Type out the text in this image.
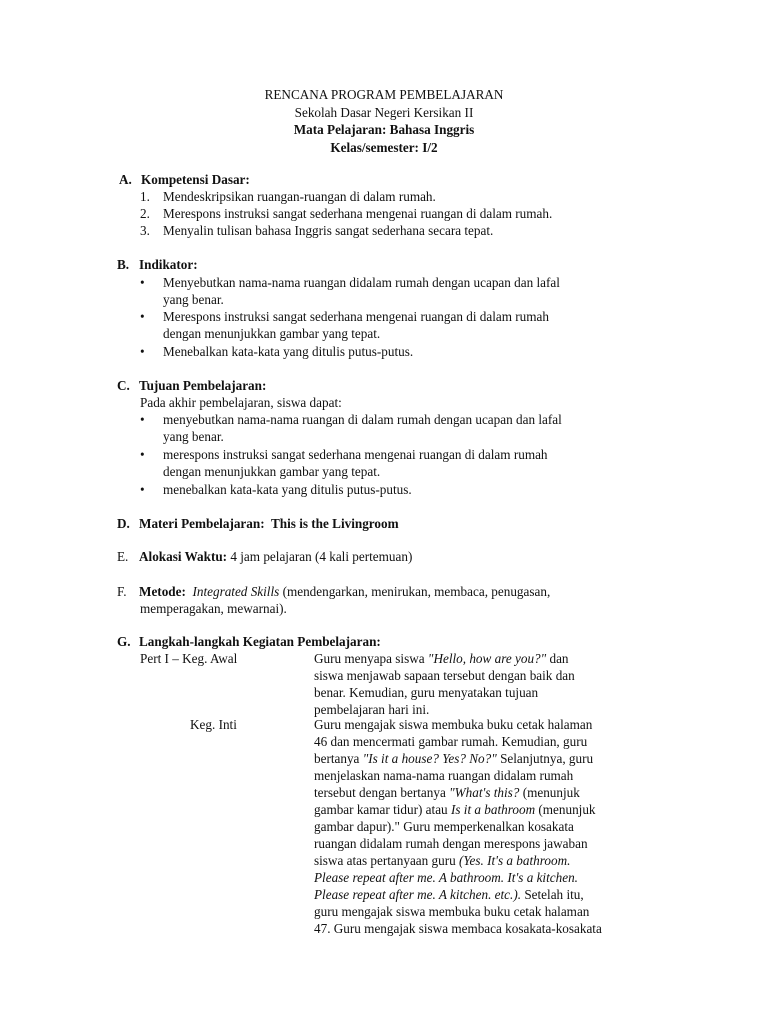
RENCANA PROGRAM PEMBELAJARAN
Sekolah Dasar Negeri Kersikan II
Mata Pelajaran: Bahasa Inggris
Kelas/semester: I/2
A. Kompetensi Dasar:
1. Mendeskripsikan ruangan-ruangan di dalam rumah.
2. Merespons instruksi sangat sederhana mengenai ruangan di dalam rumah.
3. Menyalin tulisan bahasa Inggris sangat sederhana secara tepat.
B. Indikator:
• Menyebutkan nama-nama ruangan didalam rumah dengan ucapan dan lafal
yang benar.
• Merespons instruksi sangat sederhana mengenai ruangan di dalam rumah
dengan menunjukkan gambar yang tepat.
• Menebalkan kata-kata yang ditulis putus-putus.
C. Tujuan Pembelajaran:
Pada akhir pembelajaran, siswa dapat:
• menyebutkan nama-nama ruangan di dalam rumah dengan ucapan dan lafal
yang benar.
• merespons instruksi sangat sederhana mengenai ruangan di dalam rumah
dengan menunjukkan gambar yang tepat.
• menebalkan kata-kata yang ditulis putus-putus.
D. Materi Pembelajaran: This is the Livingroom
E. Alokasi Waktu: 4 jam pelajaran (4 kali pertemuan)
F. Metode: Integrated Skills (mendengarkan, menirukan, membaca, penugasan,
memperagakan, mewarnai).
G. Langkah-langkah Kegiatan Pembelajaran:
Pert I – Keg. Awal	Guru menyapa siswa "Hello, how are you?" dan
siswa menjawab sapaan tersebut dengan baik dan
benar. Kemudian, guru menyatakan tujuan
pembelajaran hari ini.
Keg. Inti	Guru mengajak siswa membuka buku cetak halaman
46 dan mencermati gambar rumah. Kemudian, guru
bertanya "Is it a house? Yes? No?" Selanjutnya, guru
menjelaskan nama-nama ruangan didalam rumah
tersebut dengan bertanya "What's this? (menunjuk
gambar kamar tidur) atau Is it a bathroom (menunjuk
gambar dapur)." Guru memperkenalkan kosakata
ruangan didalam rumah dengan merespons jawaban
siswa atas pertanyaan guru (Yes. It's a bathroom.
Please repeat after me. A bathroom. It's a kitchen.
Please repeat after me. A kitchen. etc.). Setelah itu,
guru mengajak siswa membuka buku cetak halaman
47. Guru mengajak siswa membaca kosakata-kosakata
